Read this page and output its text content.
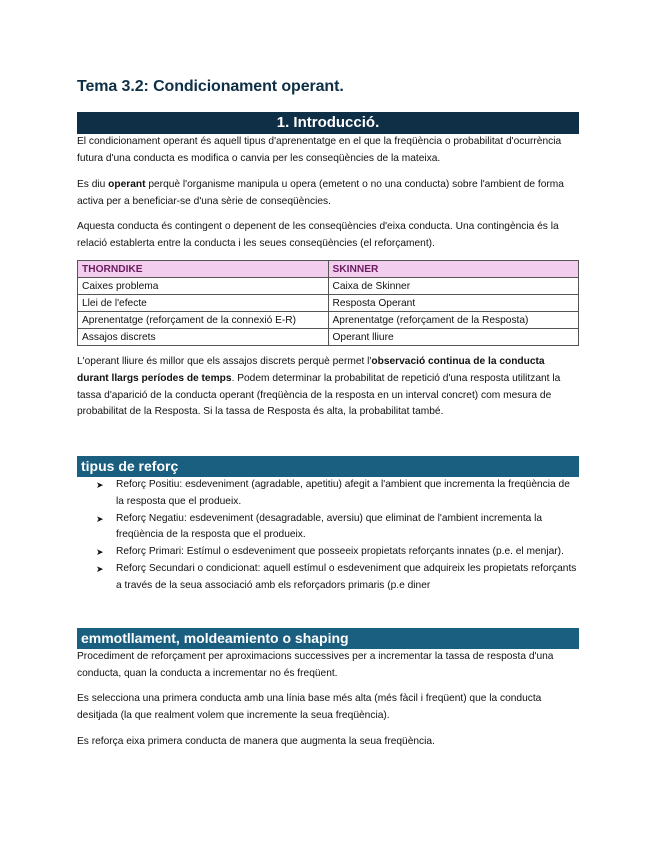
Tema 3.2: Condicionament operant.
1. Introducció.
El condicionament operant és aquell tipus d'aprenentatge en el que la freqüència o probabilitat d'ocurrència futura d'una conducta es modifica o canvia per les conseqüències de la mateixa.
Es diu operant perquè l'organisme manipula u opera (emetent o no una conducta) sobre l'ambient de forma activa per a beneficiar-se d'una sèrie de conseqüències.
Aquesta conducta és contingent o depenent de les conseqüències d'eixa conducta. Una contingència és la relació establerta entre la conducta i les seues conseqüències (el reforçament).
THORNDIKE	SKINNER
Caixes problema	Caixa de Skinner
Llei de l'efecte	Resposta Operant
Aprenentatge (reforçament de la connexió E-R)	Aprenentatge (reforçament de la Resposta)
Assajos discrets	Operant lliure
L'operant lliure és millor que els assajos discrets perquè permet l'observació continua de la conducta durant llargs períodes de temps. Podem determinar la probabilitat de repetició d'una resposta utilitzant la tassa d'aparició de la conducta operant (freqüència de la resposta en un interval concret) com mesura de probabilitat de la Resposta. Si la tassa de Resposta és alta, la probabilitat també.
tipus de reforç
➤ Reforç Positiu: esdeveniment (agradable, apetitiu) afegit a l'ambient que incrementa la freqüència de la resposta que el produeix.
➤ Reforç Negatiu: esdeveniment (desagradable, aversiu) que eliminat de l'ambient incrementa la freqüència de la resposta que el produeix.
➤ Reforç Primari: Estímul o esdeveniment que posseeix propietats reforçants innates (p.e. el menjar).
➤ Reforç Secundari o condicionat: aquell estímul o esdeveniment que adquireix les propietats reforçants a través de la seua associació amb els reforçadors primaris (p.e diner
emmotllament, moldeamiento o shaping
Procediment de reforçament per aproximacions successives per a incrementar la tassa de resposta d'una conducta, quan la conducta a incrementar no és freqüent.
Es selecciona una primera conducta amb una línia base més alta (més fàcil i freqüent) que la conducta desitjada (la que realment volem que incremente la seua freqüència).
Es reforça eixa primera conducta de manera que augmenta la seua freqüència.
